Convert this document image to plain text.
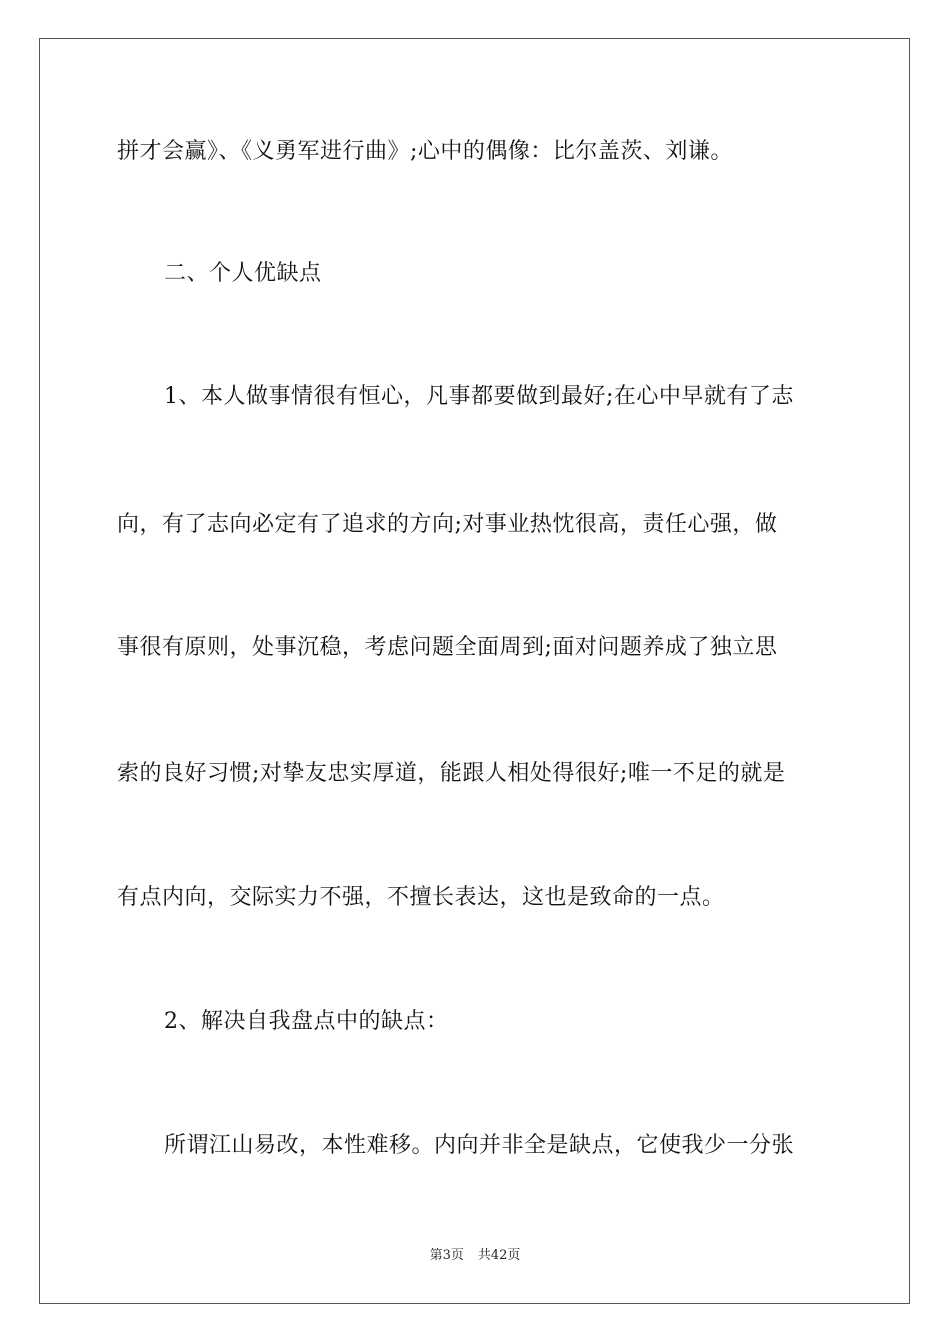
拼才会赢》、《义勇军进行曲》;心中的偶像：比尔盖茨、刘谦。
二、个人优缺点
1、本人做事情很有恒心，凡事都要做到最好;在心中早就有了志
向，有了志向必定有了追求的方向;对事业热忱很高，责任心强，做
事很有原则，处事沉稳，考虑问题全面周到;面对问题养成了独立思
索的良好习惯;对挚友忠实厚道，能跟人相处得很好;唯一不足的就是
有点内向，交际实力不强，不擅长表达，这也是致命的一点。
2、解决自我盘点中的缺点：
所谓江山易改，本性难移。内向并非全是缺点，它使我少一分张
第3页 共42页
